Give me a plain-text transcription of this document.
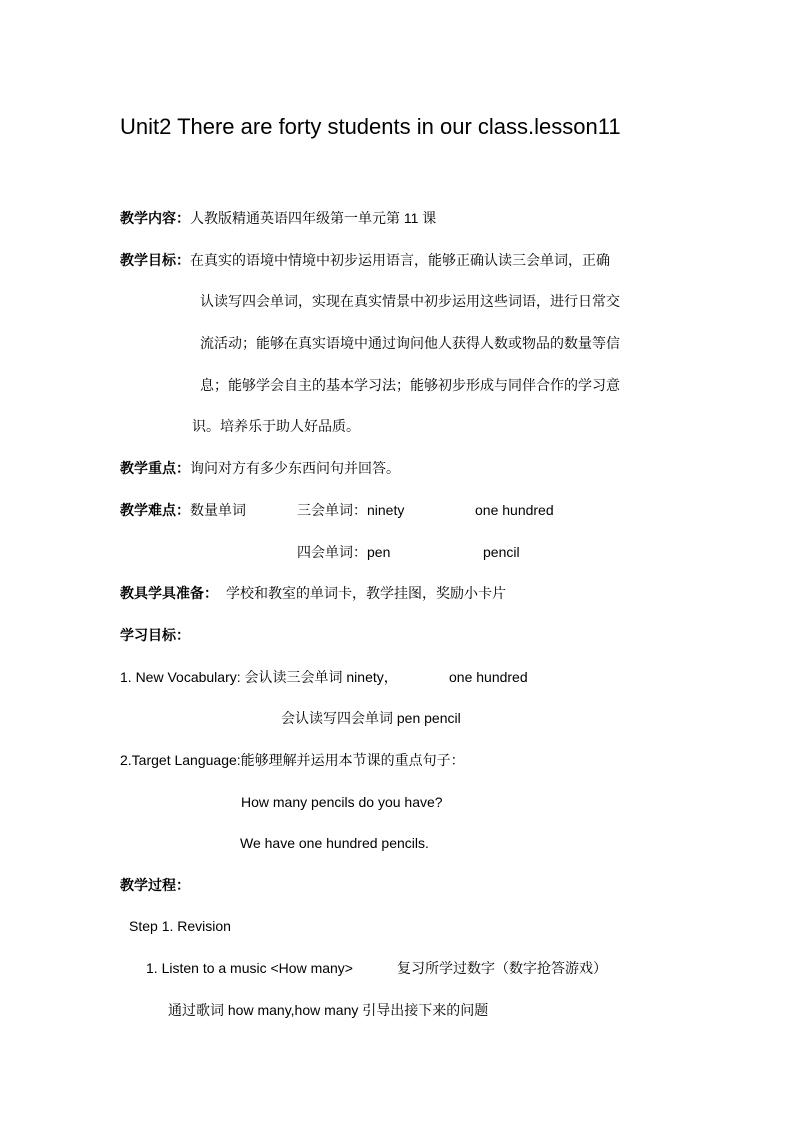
Unit2 There are forty students in our class.lesson11
教学内容：人教版精通英语四年级第一单元第 11 课
教学目标：在真实的语境中情境中初步运用语言，能够正确认读三会单词，正确
认读写四会单词，实现在真实情景中初步运用这些词语，进行日常交
流活动；能够在真实语境中通过询问他人获得人数或物品的数量等信
息；能够学会自主的基本学习法；能够初步形成与同伴合作的学习意
识。培养乐于助人好品质。
教学重点：询问对方有多少东西问句并回答。
教学难点：数量单词	三会单词：ninety	one hundred
四会单词：pen	pencil
教具学具准备： 学校和教室的单词卡，教学挂图，奖励小卡片
学习目标：
1. New Vocabulary: 会认读三会单词 ninety，	one hundred
会认读写四会单词 pen pencil
2.Target Language:能够理解并运用本节课的重点句子：
How many pencils do you have?
We have one hundred pencils.
教学过程：
Step 1. Revision
1. Listen to a music <How many>	复习所学过数字（数字抢答游戏）
通过歌词 how many,how many 引导出接下来的问题
